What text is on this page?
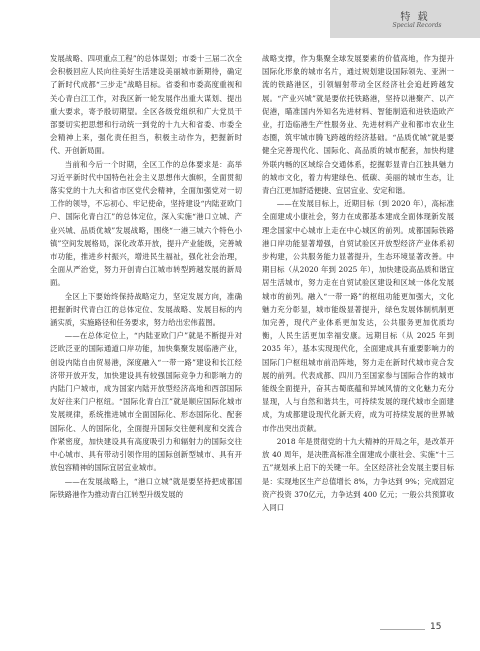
特 载
Special Records

发展战略、四项重点工程”的总体谋划；市委十三届二次全会积极回应人民向往美好生活建设美丽城市新期待，确定了新时代成都“三步走”战略目标。省委和市委高度重视和关心青白江工作，对我区新一轮发展作出重大谋划、提出重大要求，寄予殷切期望。全区各级党组织和广大党员干部要切实把思想和行动统一到党的十九大和省委、市委全会精神上来，强化责任担当，积极主动作为，把握新时代、开创新局面。

当前和今后一个时期，全区工作的总体要求是：高举习近平新时代中国特色社会主义思想伟大旗帜，全面贯彻落实党的十九大和省市区党代会精神，全面加强党对一切工作的领导，不忘初心、牢记使命，坚持建设“内陆亚欧门户、国际化青白江”的总体定位，深入实施“港口立城、产业兴城、品质优城”发展战略，围绕“一港三城六个特色小镇”空间发展格局，深化改革开放，提升产业能级，完善城市功能，推进乡村振兴，增进民生福祉，强化社会治理，全面从严治党，努力开创青白江城市转型跨越发展的新局面。

全区上下要始终保持战略定力，坚定发展方向，准确把握新时代青白江的总体定位、发展战略、发展目标的内涵实质，实施路径和任务要求，努力给出宏伟蓝图。

——在总体定位上，“内陆亚欧门户”就是不断提升对泛欧泛亚的国际通道口岸功能，加快集聚发展临港产业，创设内陆自由贸易港，深度融入“一带一路”建设和长江经济带开放开发，加快建设具有较强国际竞争力和影响力的内陆门户城市，成为国家内陆开放型经济高地和西部国际友好往来门户枢纽。“国际化青白江”就是顺应国际化城市发展规律，系统推进城市全面国际化、形态国际化、配套国际化、人的国际化，全面提升国际交往便利度和交流合作紧密度，加快建设具有高度吸引力和辐射力的国际交往中心城市、具有带动引领作用的国际创新型城市、具有开放包容精神的国际宜居宜业城市。

——在发展战略上，“港口立城”就是要坚持把成都国际铁路港作为推动青白江转型升级发展的

战略支撑，作为集聚全球发展要素的价值高地，作为提升国际化形象的城市名片，通过规划建设国际领先、亚洲一流的铁路港区，引领辐射带动全区经济社会追赶跨越发展。“产业兴城”就是要依托铁路港，坚持以港聚产、以产促港，瞄准国内外知名先进材料、智能制造和进铁造欧产业，打造临港生产性服务业、先进材料产业和都市农业生态圈，筑牢城市腾飞跨越的经济基础。“品质优城”就是要健全完善现代化、国际化、高品质的城市配套，加快构建外联内畅的区域综合交通体系，挖掘彰显青白江独具魅力的城市文化，着力构建绿色、低碳、美丽的城市生态，让青白江更加舒适便捷、宜居宜业、安定和谐。

——在发展目标上，近期目标（到 2020 年），高标准全面建成小康社会，努力在成都基本建成全面体现新发展理念国家中心城市上走在中心城区的前列。成都国际铁路港口岸功能显著增强，自贸试验区开放型经济产业体系初步构建，公共服务能力显著提升，生态环境显著改善。中期目标（从2020 年到 2025 年），加快建设高品质和谐宜居生活城市，努力走在自贸试验区建设和区域一体化发展城市的前列。融入“一带一路”的枢纽功能更加强大，文化魅力充分彰显，城市能级显著提升，绿色发展体制机制更加完善，现代产业体系更加发达，公共服务更加优质均衡，人民生活更加幸福安康。远期目标（从 2025 年到 2035 年），基本实现现代化，全面建成具有重要影响力的国际门户枢纽城市前沿阵地，努力走在新时代城市竞合发展的前列。代表成都、四川乃至国家参与国际合作的城市能级全面提升，奋其古蜀底蕴和异域风情的文化魅力充分显现，人与自然和谐共生，可持续发展的现代城市全面建成，为成都建设现代化新天府，成为可持续发展的世界城市作出突出贡献。

2018 年是贯彻党的十九大精神的开局之年，是改革开放 40 周年，是决胜高标准全面建成小康社会、实施“十三五”规划承上启下的关键一年。全区经济社会发展主要目标是：实现地区生产总值增长 8%，力争达到 9%；完成固定资产投资 370亿元，力争达到 400 亿元；一般公共预算收入同口

15
